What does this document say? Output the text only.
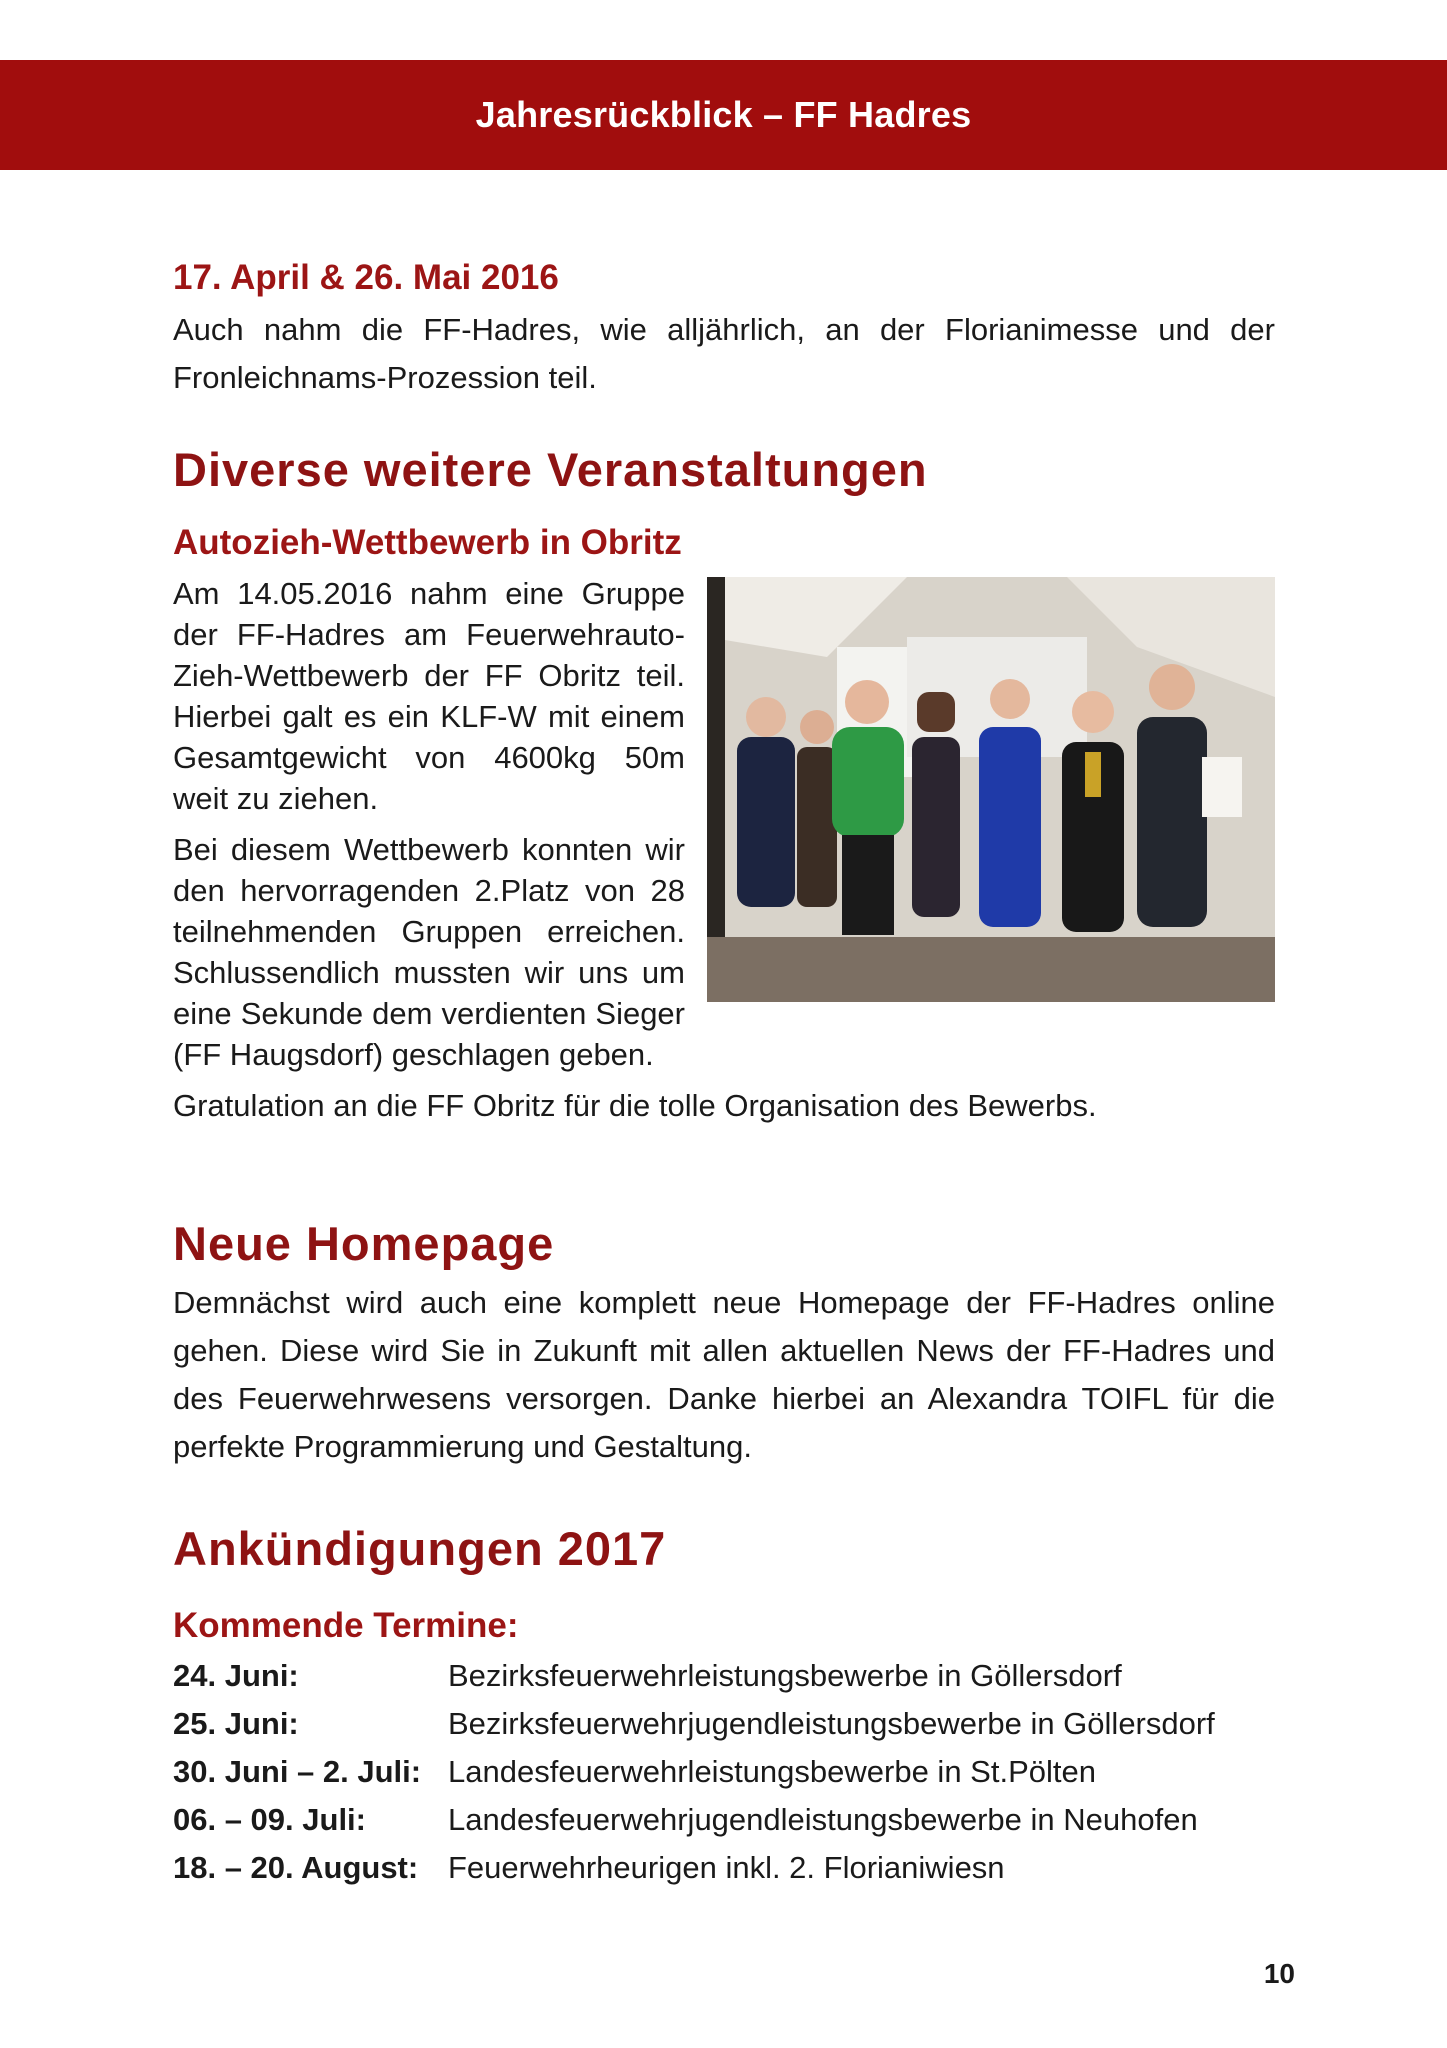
Jahresrückblick – FF Hadres
17. April & 26. Mai 2016

Auch nahm die FF-Hadres, wie alljährlich, an der Florianimesse und der Fronleichnams-Prozession teil.

Diverse weitere Veranstaltungen
Autozieh-Wettbewerb in Obritz
Am 14.05.2016 nahm eine Gruppe der FF-Hadres am Feuerwehrauto-Zieh-Wettbewerb der FF Obritz teil. Hierbei galt es ein KLF-W mit einem Gesamtgewicht von 4600kg 50m weit zu ziehen.
Bei diesem Wettbewerb konnten wir den hervorragenden 2.Platz von 28 teilnehmenden Gruppen erreichen. Schlussendlich mussten wir uns um eine Sekunde dem verdienten Sieger (FF Haugsdorf) geschlagen geben.
Gratulation an die FF Obritz für die tolle Organisation des Bewerbs.
Neue Homepage

Demnächst wird auch eine komplett neue Homepage der FF-Hadres online gehen. Diese wird Sie in Zukunft mit allen aktuellen News der FF-Hadres und des Feuerwehrwesens versorgen. Danke hierbei an Alexandra TOIFL für die perfekte Programmierung und Gestaltung.

Ankündigungen 2017
Kommende Termine:
24. Juni:	Bezirksfeuerwehrleistungsbewerbe in Göllersdorf
25. Juni:	Bezirksfeuerwehrjugendleistungsbewerbe in Göllersdorf
30. Juni – 2. Juli:	Landesfeuerwehrleistungsbewerbe in St.Pölten
06. – 09. Juli:	Landesfeuerwehrjugendleistungsbewerbe in Neuhofen
18. – 20. August:	Feuerwehrheurigen inkl. 2. Florianiwiesn
10
